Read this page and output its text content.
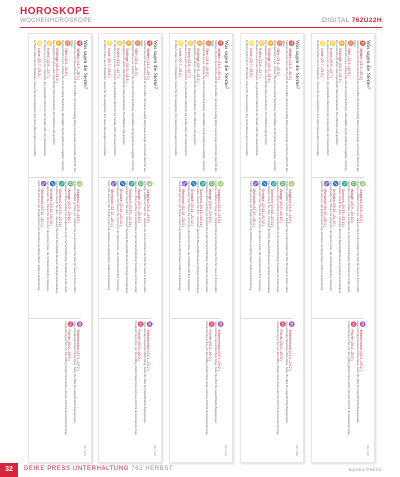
HOROSKOPE
WOCHENHOROSKOPE	DIGITAL 762U22H
Was sagen die Sterne?
Wo 4/22
♈
Widder (21.3.–20.4.)
Nehmen Sie sich diese Woche Zeit für sich selbst. Ein kurzer Ausflug bringt neue Energie und frische Ideen für den Alltag.
♉
Stier (21.4.–20.5.)
Finanziell läuft es gut. Gönnen Sie sich eine kleine Belohnung, aber bleiben Sie bei größeren Ausgaben vorsichtig.
♊
Zwillinge (21.5.–21.6.)
Ein Gespräch mit einem alten Freund klärt Missverständnisse. Ihre Offenheit wird geschätzt.
♋
Krebs (22.6.–22.7.)
Zu Hause ist es jetzt am schönsten. Ein gemütlicher Abend mit der Familie stärkt den Zusammenhalt.
♌
Löwe (23.7.–23.8.)
Im Beruf stehen Sie im Mittelpunkt. Nutzen Sie die Gelegenheit, Ihre Ideen überzeugend vorzustellen.
♍
Jungfrau (24.8.–23.9.)
Ordnung schaffen tut Ihnen gut. Räumen Sie auf und machen Sie Platz für Neues in Ihrem Leben.
♎
Waage (24.9.–23.10.)
Harmonie ist Ihnen wichtig. Ein Kompromiss in der Partnerschaft bringt Sie beide ein Stück weiter.
♏
Skorpion (24.10.–22.11.)
Ihre Intuition täuscht Sie nicht. Vertrauen Sie Ihrem Bauchgefühl bei einer wichtigen Entscheidung.
♐
Schütze (23.11.–21.12.)
Fernweh packt Sie. Planen Sie schon jetzt die nächste Reise, die Vorfreude hebt Ihre Stimmung.
♑
Steinbock (22.12.–20.1.)
Fleiß zahlt sich aus. Ein Projekt kommt zum Abschluss und bringt Ihnen verdiente Anerkennung.
♒
Wassermann (21.1.–19.2.)
Neue Kontakte bereichern Ihren Alltag. Seien Sie offen für ungewöhnliche Begegnungen.
♓
Fische (20.2.–20.3.)
Kreativität liegt in der Luft. Ein Hobby schenkt Ihnen Ruhe und neue Kraft für die kommenden Tage.
Was sagen die Sterne?
Wo 4/22
♈
Widder (21.3.–20.4.)
Nehmen Sie sich diese Woche Zeit für sich selbst. Ein kurzer Ausflug bringt neue Energie und frische Ideen für den Alltag.
♉
Stier (21.4.–20.5.)
Finanziell läuft es gut. Gönnen Sie sich eine kleine Belohnung, aber bleiben Sie bei größeren Ausgaben vorsichtig.
♊
Zwillinge (21.5.–21.6.)
Ein Gespräch mit einem alten Freund klärt Missverständnisse. Ihre Offenheit wird geschätzt.
♋
Krebs (22.6.–22.7.)
Zu Hause ist es jetzt am schönsten. Ein gemütlicher Abend mit der Familie stärkt den Zusammenhalt.
♌
Löwe (23.7.–23.8.)
Im Beruf stehen Sie im Mittelpunkt. Nutzen Sie die Gelegenheit, Ihre Ideen überzeugend vorzustellen.
♍
Jungfrau (24.8.–23.9.)
Ordnung schaffen tut Ihnen gut. Räumen Sie auf und machen Sie Platz für Neues in Ihrem Leben.
♎
Waage (24.9.–23.10.)
Harmonie ist Ihnen wichtig. Ein Kompromiss in der Partnerschaft bringt Sie beide ein Stück weiter.
♏
Skorpion (24.10.–22.11.)
Ihre Intuition täuscht Sie nicht. Vertrauen Sie Ihrem Bauchgefühl bei einer wichtigen Entscheidung.
♐
Schütze (23.11.–21.12.)
Fernweh packt Sie. Planen Sie schon jetzt die nächste Reise, die Vorfreude hebt Ihre Stimmung.
♑
Steinbock (22.12.–20.1.)
Fleiß zahlt sich aus. Ein Projekt kommt zum Abschluss und bringt Ihnen verdiente Anerkennung.
♒
Wassermann (21.1.–19.2.)
Neue Kontakte bereichern Ihren Alltag. Seien Sie offen für ungewöhnliche Begegnungen.
♓
Fische (20.2.–20.3.)
Kreativität liegt in der Luft. Ein Hobby schenkt Ihnen Ruhe und neue Kraft für die kommenden Tage.
Was sagen die Sterne?
Wo 4/22
♈
Widder (21.3.–20.4.)
Nehmen Sie sich diese Woche Zeit für sich selbst. Ein kurzer Ausflug bringt neue Energie und frische Ideen für den Alltag.
♉
Stier (21.4.–20.5.)
Finanziell läuft es gut. Gönnen Sie sich eine kleine Belohnung, aber bleiben Sie bei größeren Ausgaben vorsichtig.
♊
Zwillinge (21.5.–21.6.)
Ein Gespräch mit einem alten Freund klärt Missverständnisse. Ihre Offenheit wird geschätzt.
♋
Krebs (22.6.–22.7.)
Zu Hause ist es jetzt am schönsten. Ein gemütlicher Abend mit der Familie stärkt den Zusammenhalt.
♌
Löwe (23.7.–23.8.)
Im Beruf stehen Sie im Mittelpunkt. Nutzen Sie die Gelegenheit, Ihre Ideen überzeugend vorzustellen.
♍
Jungfrau (24.8.–23.9.)
Ordnung schaffen tut Ihnen gut. Räumen Sie auf und machen Sie Platz für Neues in Ihrem Leben.
♎
Waage (24.9.–23.10.)
Harmonie ist Ihnen wichtig. Ein Kompromiss in der Partnerschaft bringt Sie beide ein Stück weiter.
♏
Skorpion (24.10.–22.11.)
Ihre Intuition täuscht Sie nicht. Vertrauen Sie Ihrem Bauchgefühl bei einer wichtigen Entscheidung.
♐
Schütze (23.11.–21.12.)
Fernweh packt Sie. Planen Sie schon jetzt die nächste Reise, die Vorfreude hebt Ihre Stimmung.
♑
Steinbock (22.12.–20.1.)
Fleiß zahlt sich aus. Ein Projekt kommt zum Abschluss und bringt Ihnen verdiente Anerkennung.
♒
Wassermann (21.1.–19.2.)
Neue Kontakte bereichern Ihren Alltag. Seien Sie offen für ungewöhnliche Begegnungen.
♓
Fische (20.2.–20.3.)
Kreativität liegt in der Luft. Ein Hobby schenkt Ihnen Ruhe und neue Kraft für die kommenden Tage.
Was sagen die Sterne?
Wo 4/22
♈
Widder (21.3.–20.4.)
Nehmen Sie sich diese Woche Zeit für sich selbst. Ein kurzer Ausflug bringt neue Energie und frische Ideen für den Alltag.
♉
Stier (21.4.–20.5.)
Finanziell läuft es gut. Gönnen Sie sich eine kleine Belohnung, aber bleiben Sie bei größeren Ausgaben vorsichtig.
♊
Zwillinge (21.5.–21.6.)
Ein Gespräch mit einem alten Freund klärt Missverständnisse. Ihre Offenheit wird geschätzt.
♋
Krebs (22.6.–22.7.)
Zu Hause ist es jetzt am schönsten. Ein gemütlicher Abend mit der Familie stärkt den Zusammenhalt.
♌
Löwe (23.7.–23.8.)
Im Beruf stehen Sie im Mittelpunkt. Nutzen Sie die Gelegenheit, Ihre Ideen überzeugend vorzustellen.
♍
Jungfrau (24.8.–23.9.)
Ordnung schaffen tut Ihnen gut. Räumen Sie auf und machen Sie Platz für Neues in Ihrem Leben.
♎
Waage (24.9.–23.10.)
Harmonie ist Ihnen wichtig. Ein Kompromiss in der Partnerschaft bringt Sie beide ein Stück weiter.
♏
Skorpion (24.10.–22.11.)
Ihre Intuition täuscht Sie nicht. Vertrauen Sie Ihrem Bauchgefühl bei einer wichtigen Entscheidung.
♐
Schütze (23.11.–21.12.)
Fernweh packt Sie. Planen Sie schon jetzt die nächste Reise, die Vorfreude hebt Ihre Stimmung.
♑
Steinbock (22.12.–20.1.)
Fleiß zahlt sich aus. Ein Projekt kommt zum Abschluss und bringt Ihnen verdiente Anerkennung.
♒
Wassermann (21.1.–19.2.)
Neue Kontakte bereichern Ihren Alltag. Seien Sie offen für ungewöhnliche Begegnungen.
♓
Fische (20.2.–20.3.)
Kreativität liegt in der Luft. Ein Hobby schenkt Ihnen Ruhe und neue Kraft für die kommenden Tage.
Was sagen die Sterne?
Wo 4/22
♈
Widder (21.3.–20.4.)
Nehmen Sie sich diese Woche Zeit für sich selbst. Ein kurzer Ausflug bringt neue Energie und frische Ideen für den Alltag.
♉
Stier (21.4.–20.5.)
Finanziell läuft es gut. Gönnen Sie sich eine kleine Belohnung, aber bleiben Sie bei größeren Ausgaben vorsichtig.
♊
Zwillinge (21.5.–21.6.)
Ein Gespräch mit einem alten Freund klärt Missverständnisse. Ihre Offenheit wird geschätzt.
♋
Krebs (22.6.–22.7.)
Zu Hause ist es jetzt am schönsten. Ein gemütlicher Abend mit der Familie stärkt den Zusammenhalt.
♌
Löwe (23.7.–23.8.)
Im Beruf stehen Sie im Mittelpunkt. Nutzen Sie die Gelegenheit, Ihre Ideen überzeugend vorzustellen.
♍
Jungfrau (24.8.–23.9.)
Ordnung schaffen tut Ihnen gut. Räumen Sie auf und machen Sie Platz für Neues in Ihrem Leben.
♎
Waage (24.9.–23.10.)
Harmonie ist Ihnen wichtig. Ein Kompromiss in der Partnerschaft bringt Sie beide ein Stück weiter.
♏
Skorpion (24.10.–22.11.)
Ihre Intuition täuscht Sie nicht. Vertrauen Sie Ihrem Bauchgefühl bei einer wichtigen Entscheidung.
♐
Schütze (23.11.–21.12.)
Fernweh packt Sie. Planen Sie schon jetzt die nächste Reise, die Vorfreude hebt Ihre Stimmung.
♑
Steinbock (22.12.–20.1.)
Fleiß zahlt sich aus. Ein Projekt kommt zum Abschluss und bringt Ihnen verdiente Anerkennung.
♒
Wassermann (21.1.–19.2.)
Neue Kontakte bereichern Ihren Alltag. Seien Sie offen für ungewöhnliche Begegnungen.
♓
Fische (20.2.–20.3.)
Kreativität liegt in der Luft. Ein Hobby schenkt Ihnen Ruhe und neue Kraft für die kommenden Tage.
32	DEIKE PRESS UNTERHALTUNG 762 HERBST	BOOKZ PRESS
